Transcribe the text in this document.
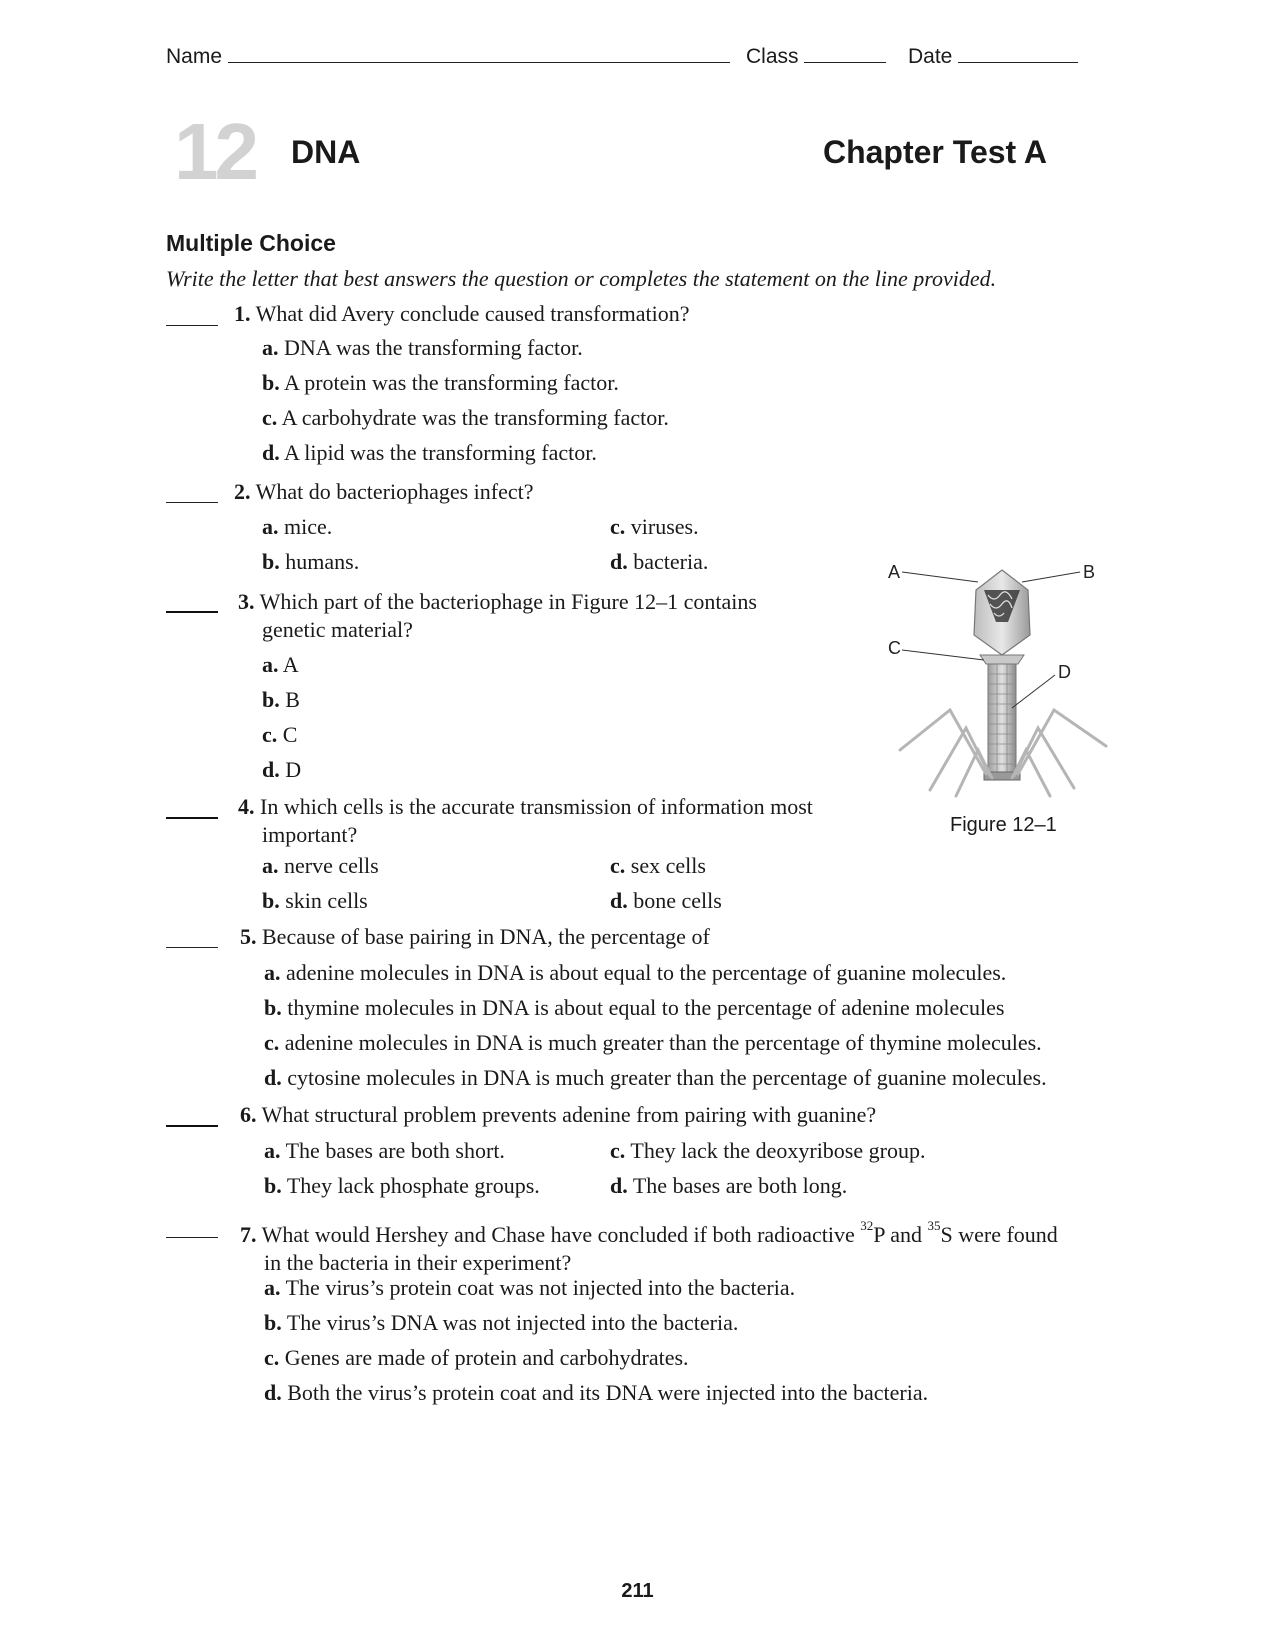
Name	Class	Date
12 DNA	Chapter Test A
Multiple Choice
Write the letter that best answers the question or completes the statement on the line provided.
1. What did Avery conclude caused transformation?
a. DNA was the transforming factor.
b. A protein was the transforming factor.
c. A carbohydrate was the transforming factor.
d. A lipid was the transforming factor.
2. What do bacteriophages infect?
a. mice.
b. humans.
c. viruses.
d. bacteria.
3. Which part of the bacteriophage in Figure 12–1 contains
genetic material?
a. A
b. B
c. C
d. D
4. In which cells is the accurate transmission of information most
important?
a. nerve cells
b. skin cells
c. sex cells
d. bone cells
5. Because of base pairing in DNA, the percentage of
a. adenine molecules in DNA is about equal to the percentage of guanine molecules.
b. thymine molecules in DNA is about equal to the percentage of adenine molecules
c. adenine molecules in DNA is much greater than the percentage of thymine molecules.
d. cytosine molecules in DNA is much greater than the percentage of guanine molecules.
6. What structural problem prevents adenine from pairing with guanine?
a. The bases are both short.
b. They lack phosphate groups.
c. They lack the deoxyribose group.
d. The bases are both long.
7. What would Hershey and Chase have concluded if both radioactive $^{32}$P and $^{35}$S were found
in the bacteria in their experiment?
a. The virus’s protein coat was not injected into the bacteria.
b. The virus’s DNA was not injected into the bacteria.
c. Genes are made of protein and carbohydrates.
d. Both the virus’s protein coat and its DNA were injected into the bacteria.
A	B
C
D
Figure 12–1
211
